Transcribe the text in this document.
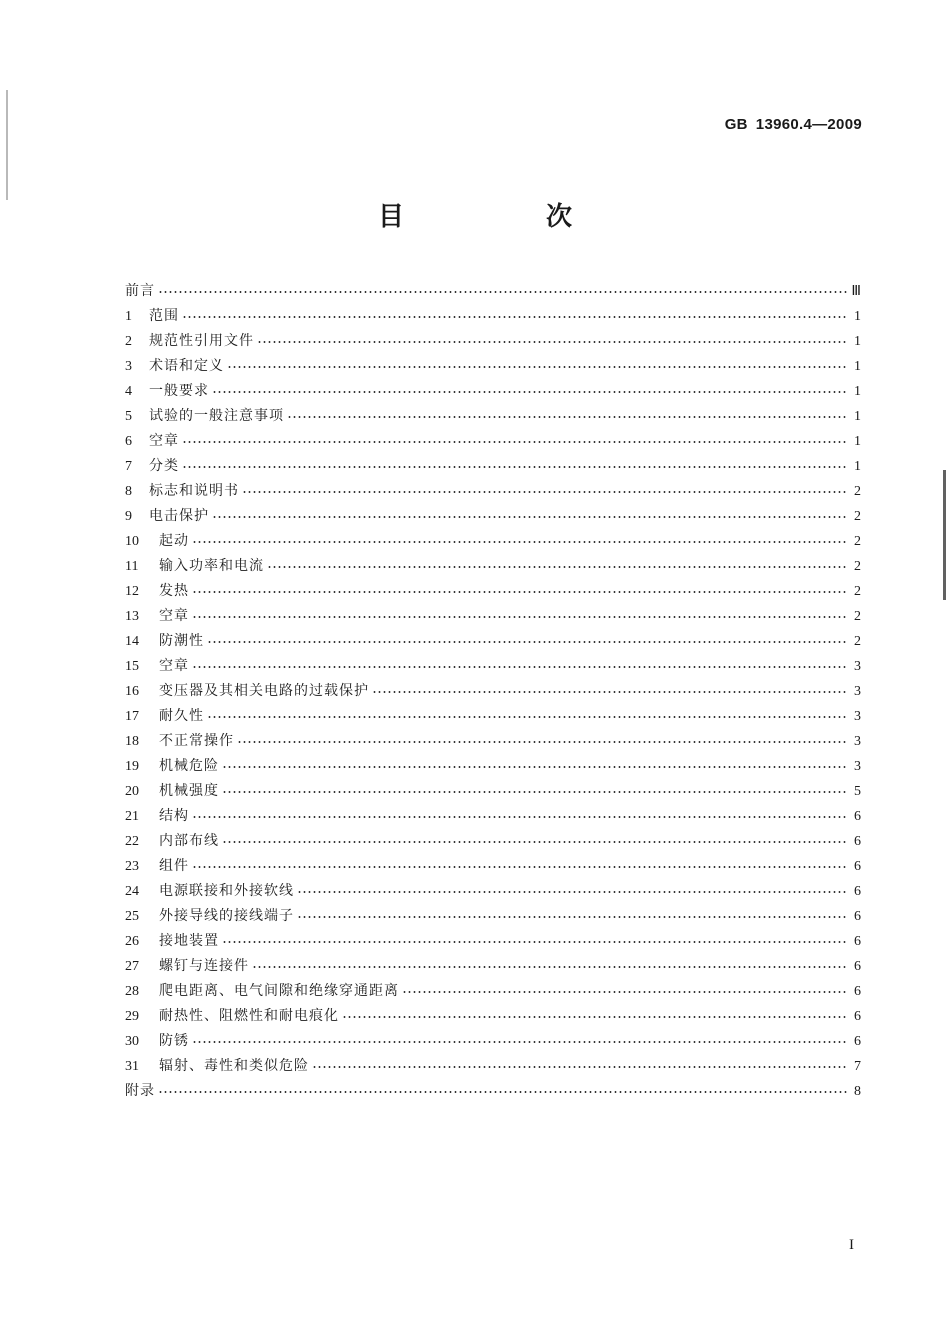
GB 13960.4—2009
目　次
前言	Ⅲ
1	范围	1
2	规范性引用文件	1
3	术语和定义	1
4	一般要求	1
5	试验的一般注意事项	1
6	空章	1
7	分类	1
8	标志和说明书	2
9	电击保护	2
10	起动	2
11	输入功率和电流	2
12	发热	2
13	空章	2
14	防潮性	2
15	空章	3
16	变压器及其相关电路的过载保护	3
17	耐久性	3
18	不正常操作	3
19	机械危险	3
20	机械强度	5
21	结构	6
22	内部布线	6
23	组件	6
24	电源联接和外接软线	6
25	外接导线的接线端子	6
26	接地装置	6
27	螺钉与连接件	6
28	爬电距离、电气间隙和绝缘穿通距离	6
29	耐热性、阻燃性和耐电痕化	6
30	防锈	6
31	辐射、毒性和类似危险	7
附录	8
I
